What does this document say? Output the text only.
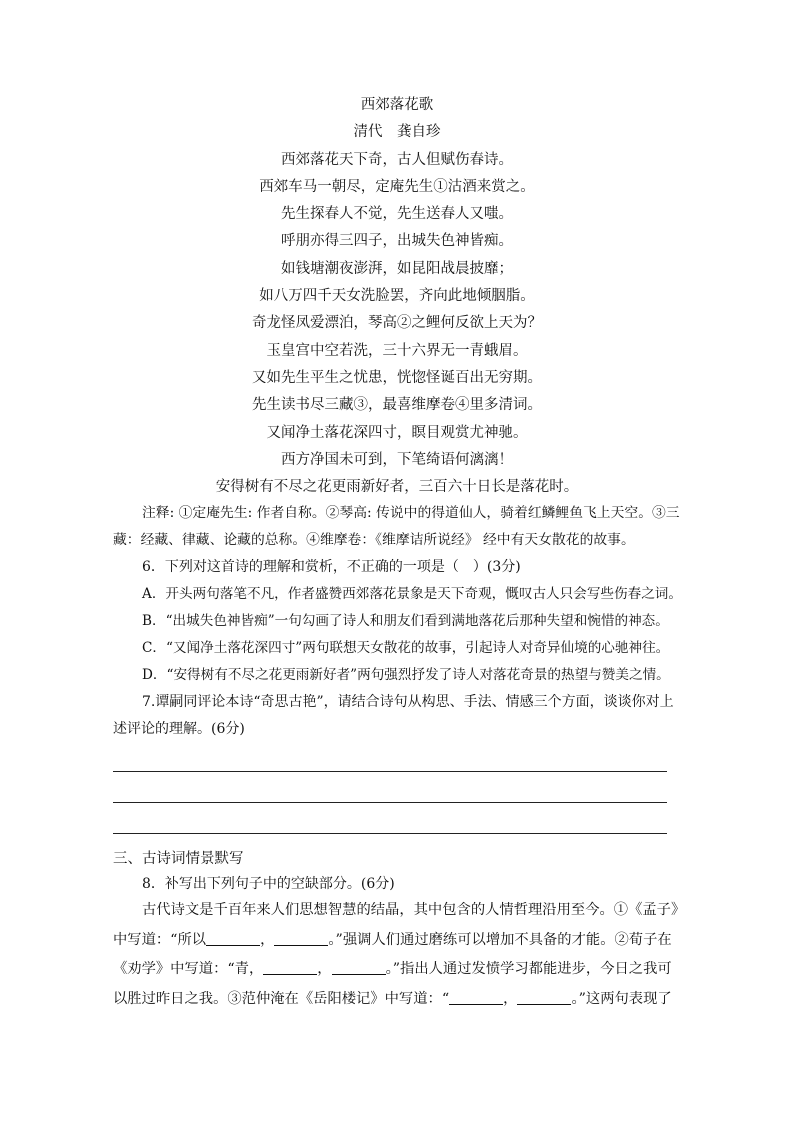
西郊落花歌
清代　龚自珍
西郊落花天下奇，古人但赋伤春诗。
西郊车马一朝尽，定庵先生①沽酒来赏之。
先生探春人不觉，先生送春人又嗤。
呼朋亦得三四子，出城失色神皆痴。
如钱塘潮夜澎湃，如昆阳战晨披靡；
如八万四千天女洗脸罢，齐向此地倾胭脂。
奇龙怪凤爱漂泊，琴高②之鲤何反欲上天为？
玉皇宫中空若洗，三十六界无一青蛾眉。
又如先生平生之忧患，恍惚怪诞百出无穷期。
先生读书尽三藏③，最喜维摩卷④里多清词。
又闻净土落花深四寸，瞑目观赏尤神驰。
西方净国未可到，下笔绮语何漓漓！
安得树有不尽之花更雨新好者，三百六十日长是落花时。

注释: ①定庵先生: 作者自称。②琴高: 传说中的得道仙人，骑着红鳞鲤鱼飞上天空。③三藏：经藏、律藏、论藏的总称。④维摩卷：《维摩诘所说经》 经中有天女散花的故事。

6．下列对这首诗的理解和赏析，不正确的一项是（　）(3分)

A．开头两句落笔不凡，作者盛赞西郊落花景象是天下奇观，慨叹古人只会写些伤春之词。

B．“出城失色神皆痴”一句勾画了诗人和朋友们看到满地落花后那种失望和惋惜的神态。

C．“又闻净土落花深四寸”两句联想天女散花的故事，引起诗人对奇异仙境的心驰神往。

D．“安得树有不尽之花更雨新好者”两句强烈抒发了诗人对落花奇景的热望与赞美之情。

7.谭嗣同评论本诗“奇思古艳”，请结合诗句从构思、手法、情感三个方面，谈谈你对上述评论的理解。(6分)

三、古诗词情景默写

8．补写出下列句子中的空缺部分。(6分)

古代诗文是千百年来人们思想智慧的结晶，其中包含的人情哲理沿用至今。①《孟子》中写道：“所以	，	。”强调人们通过磨练可以增加不具备的才能。②荀子在《劝学》中写道：“青，	，	。”指出人通过发愤学习都能进步，今日之我可以胜过昨日之我。③范仲淹在《岳阳楼记》中写道：“	，	。”这两句表现了
